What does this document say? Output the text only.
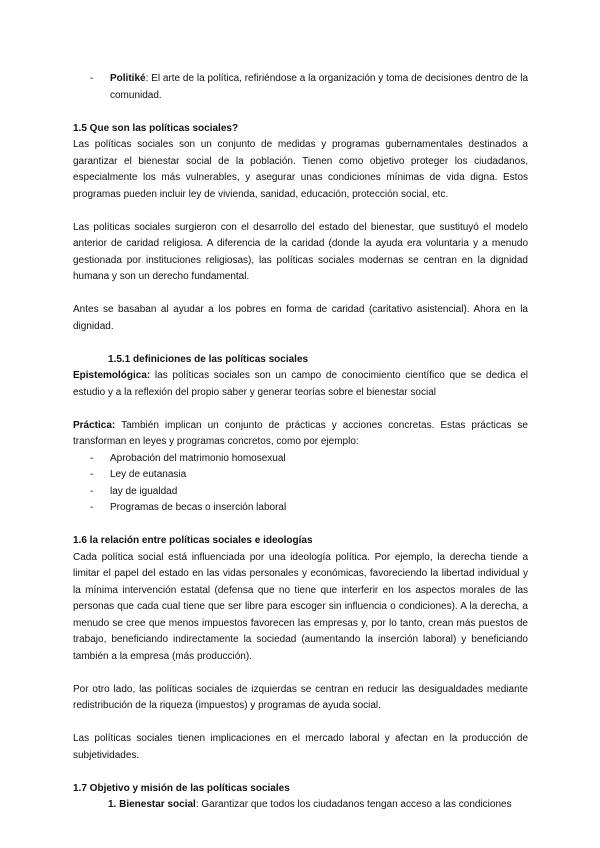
-	Politiké: El arte de la política, refiriéndose a la organización y toma de decisiones dentro de la comunidad.

1.5 Que son las políticas sociales?

Las políticas sociales son un conjunto de medidas y programas gubernamentales destinados a garantizar el bienestar social de la población. Tienen como objetivo proteger los ciudadanos, especialmente los más vulnerables, y asegurar unas condiciones mínimas de vida digna. Estos programas pueden incluir ley de vivienda, sanidad, educación, protección social, etc.

Las políticas sociales surgieron con el desarrollo del estado del bienestar, que sustituyó el modelo anterior de caridad religiosa. A diferencia de la caridad (donde la ayuda era voluntaria y a menudo gestionada por instituciones religiosas), las políticas sociales modernas se centran en la dignidad humana y son un derecho fundamental.

Antes se basaban al ayudar a los pobres en forma de caridad (caritativo asistencial). Ahora en la dignidad.

1.5.1 definiciones de las políticas sociales

Epistemológica: las políticas sociales son un campo de conocimiento científico que se dedica el estudio y a la reflexión del propio saber y generar teorías sobre el bienestar social

Práctica: También implican un conjunto de prácticas y acciones concretas. Estas prácticas se transforman en leyes y programas concretos, como por ejemplo:

-	Aprobación del matrimonio homosexual
-	Ley de eutanasia
-	lay de igualdad
-	Programas de becas o inserción laboral

1.6 la relación entre políticas sociales e ideologías

Cada política social está influenciada por una ideología política. Por ejemplo, la derecha tiende a limitar el papel del estado en las vidas personales y económicas, favoreciendo la libertad individual y la mínima intervención estatal (defensa que no tiene que interferir en los aspectos morales de las personas que cada cual tiene que ser libre para escoger sin influencia o condiciones). A la derecha, a menudo se cree que menos impuestos favorecen las empresas y, por lo tanto, crean más puestos de trabajo, beneficiando indirectamente la sociedad (aumentando la inserción laboral) y beneficiando también a la empresa (más producción).

Por otro lado, las políticas sociales de izquierdas se centran en reducir las desigualdades mediante redistribución de la riqueza (impuestos) y programas de ayuda social.

Las políticas sociales tienen implicaciones en el mercado laboral y afectan en la producción de subjetividades.

1.7 Objetivo y misión de las políticas sociales

1. Bienestar social: Garantizar que todos los ciudadanos tengan acceso a las condiciones
